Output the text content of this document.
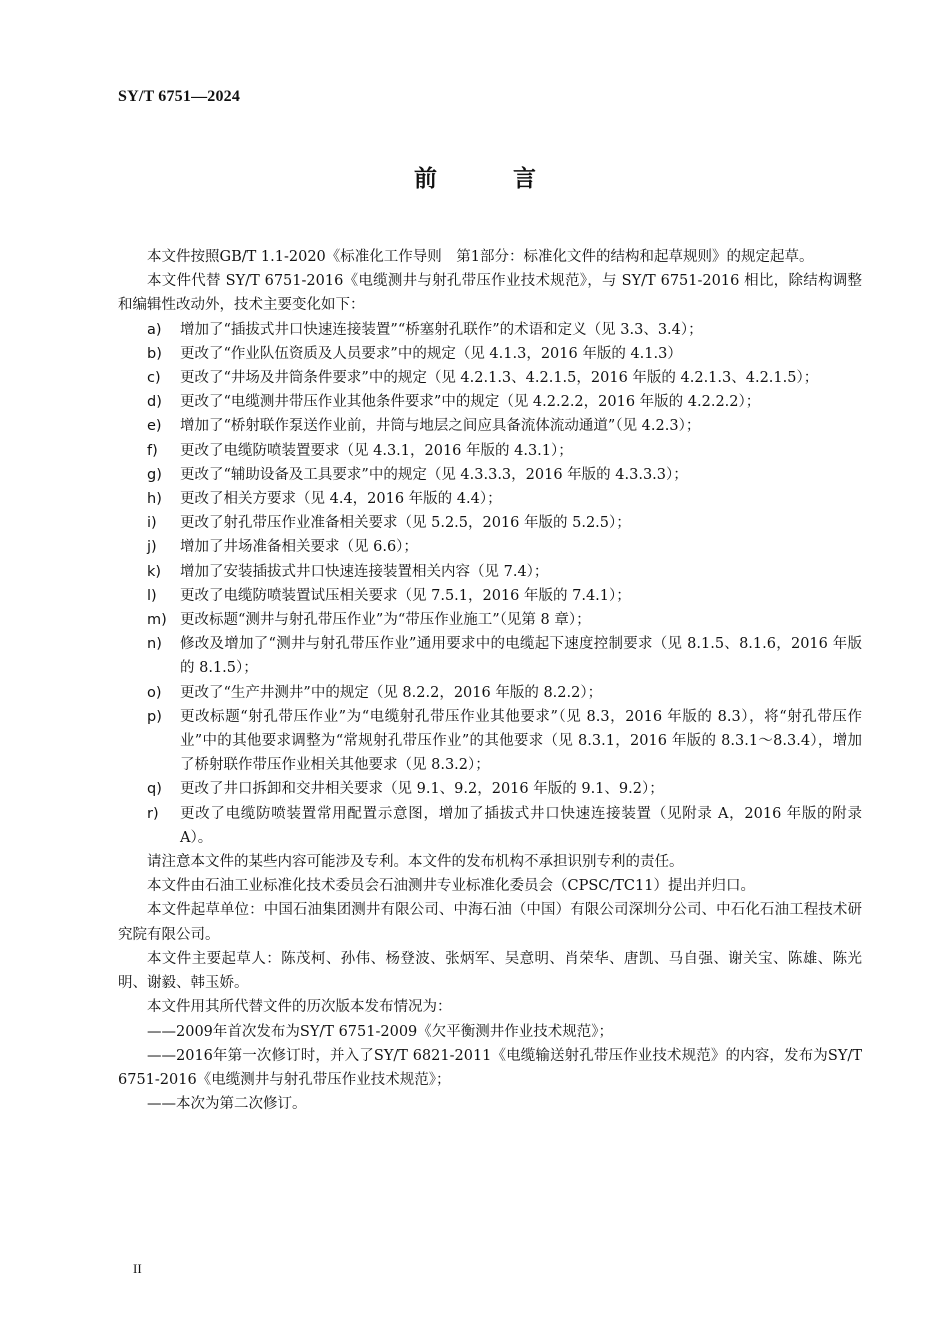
SY/T 6751—2024
前 言

本文件按照GB/T 1.1-2020《标准化工作导则　第1部分：标准化文件的结构和起草规则》的规定起草。

本文件代替 SY/T 6751-2016《电缆测井与射孔带压作业技术规范》，与 SY/T 6751-2016 相比，除结构调整和编辑性改动外，技术主要变化如下：

a) 增加了“插拔式井口快速连接装置”“桥塞射孔联作”的术语和定义（见 3.3、3.4）；
b) 更改了“作业队伍资质及人员要求”中的规定（见 4.1.3，2016 年版的 4.1.3）
c) 更改了“井场及井筒条件要求”中的规定（见 4.2.1.3、4.2.1.5，2016 年版的 4.2.1.3、4.2.1.5）；
d) 更改了“电缆测井带压作业其他条件要求”中的规定（见 4.2.2.2，2016 年版的 4.2.2.2）；
e) 增加了“桥射联作泵送作业前，井筒与地层之间应具备流体流动通道”（见 4.2.3）；
f) 更改了电缆防喷装置要求（见 4.3.1，2016 年版的 4.3.1）；
g) 更改了“辅助设备及工具要求”中的规定（见 4.3.3.3，2016 年版的 4.3.3.3）；
h) 更改了相关方要求（见 4.4，2016 年版的 4.4）；
i) 更改了射孔带压作业准备相关要求（见 5.2.5，2016 年版的 5.2.5）；
j) 增加了井场准备相关要求（见 6.6）；
k) 增加了安装插拔式井口快速连接装置相关内容（见 7.4）；
l) 更改了电缆防喷装置试压相关要求（见 7.5.1，2016 年版的 7.4.1）；
m) 更改标题“测井与射孔带压作业”为“带压作业施工”（见第 8 章）；
n) 修改及增加了“测井与射孔带压作业”通用要求中的电缆起下速度控制要求（见 8.1.5、8.1.6，2016 年版的 8.1.5）；
o) 更改了“生产井测井”中的规定（见 8.2.2，2016 年版的 8.2.2）；
p) 更改标题“射孔带压作业”为“电缆射孔带压作业其他要求”（见 8.3，2016 年版的 8.3），将“射孔带压作业”中的其他要求调整为“常规射孔带压作业”的其他要求（见 8.3.1，2016 年版的 8.3.1～8.3.4），增加了桥射联作带压作业相关其他要求（见 8.3.2）；
q) 更改了井口拆卸和交井相关要求（见 9.1、9.2，2016 年版的 9.1、9.2）；
r) 更改了电缆防喷装置常用配置示意图，增加了插拔式井口快速连接装置（见附录 A，2016 年版的附录 A）。

请注意本文件的某些内容可能涉及专利。本文件的发布机构不承担识别专利的责任。

本文件由石油工业标准化技术委员会石油测井专业标准化委员会（CPSC/TC11）提出并归口。

本文件起草单位：中国石油集团测井有限公司、中海石油（中国）有限公司深圳分公司、中石化石油工程技术研究院有限公司。

本文件主要起草人：陈茂柯、孙伟、杨登波、张炳军、吴意明、肖荣华、唐凯、马自强、谢关宝、陈雄、陈光明、谢毅、韩玉娇。

本文件用其所代替文件的历次版本发布情况为：

——2009年首次发布为SY/T 6751-2009《欠平衡测井作业技术规范》；

——2016年第一次修订时，并入了SY/T 6821-2011《电缆输送射孔带压作业技术规范》的内容，发布为SY/T 6751-2016《电缆测井与射孔带压作业技术规范》；

——本次为第二次修订。

II
